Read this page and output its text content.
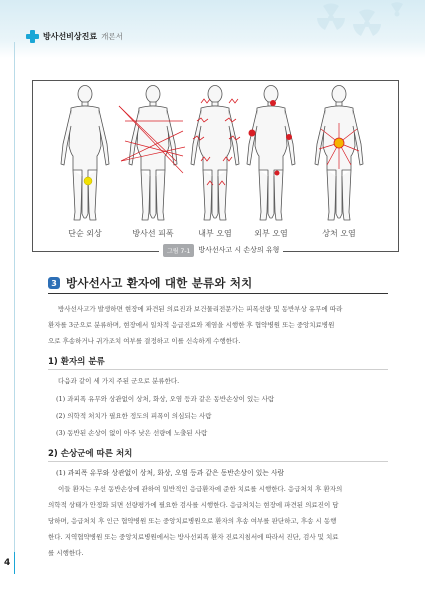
방사선비상진료 개론서
단순 외상	방사선 피폭	내부 오염	외부 오염	상처 오염
그림 7-1	방사선사고 시 손상의 유형
3 방사선사고 환자에 대한 분류와 처치

방사선사고가 발생하면 현장에 파견된 의료진과 보건물리전문가는 피폭선량 및 동반부상 유무에 따라

환자를 3군으로 분류하며, 현장에서 일차적 응급진료와 제염을 시행한 후 협약병원 또는 중앙치료병원

으로 후송하거나 귀가조치 여부를 결정하고 이를 신속하게 수행한다.

1) 환자의 분류

다음과 같이 세 가지 주된 군으로 분류한다.

(1) 과피폭 유무와 상관없이 상처, 화상, 오염 등과 같은 동반손상이 있는 사람

(2) 의학적 처치가 필요한 정도의 피폭이 의심되는 사람

(3) 동반된 손상이 없이 아주 낮은 선량에 노출된 사람

2) 손상군에 따른 처치

(1) 과피폭 유무와 상관없이 상처, 화상, 오염 등과 같은 동반손상이 있는 사람

이들 환자는 우선 동반손상에 관하여 일반적인 응급환자에 준한 치료를 시행한다. 응급처치 후 환자의

의학적 상태가 안정화 되면 선량평가에 필요한 검사를 시행한다. 응급처치는 현장에 파견된 의료진이 담

당하며, 응급처치 후 인근 협약병원 또는 중앙치료병원으로 환자의 후송 여부를 판단하고, 후송 시 동행

한다. 지역협약병원 또는 중앙치료병원에서는 방사선피폭 환자 진료지침서에 따라서 진단, 검사 및 치료

를 시행한다.

4
